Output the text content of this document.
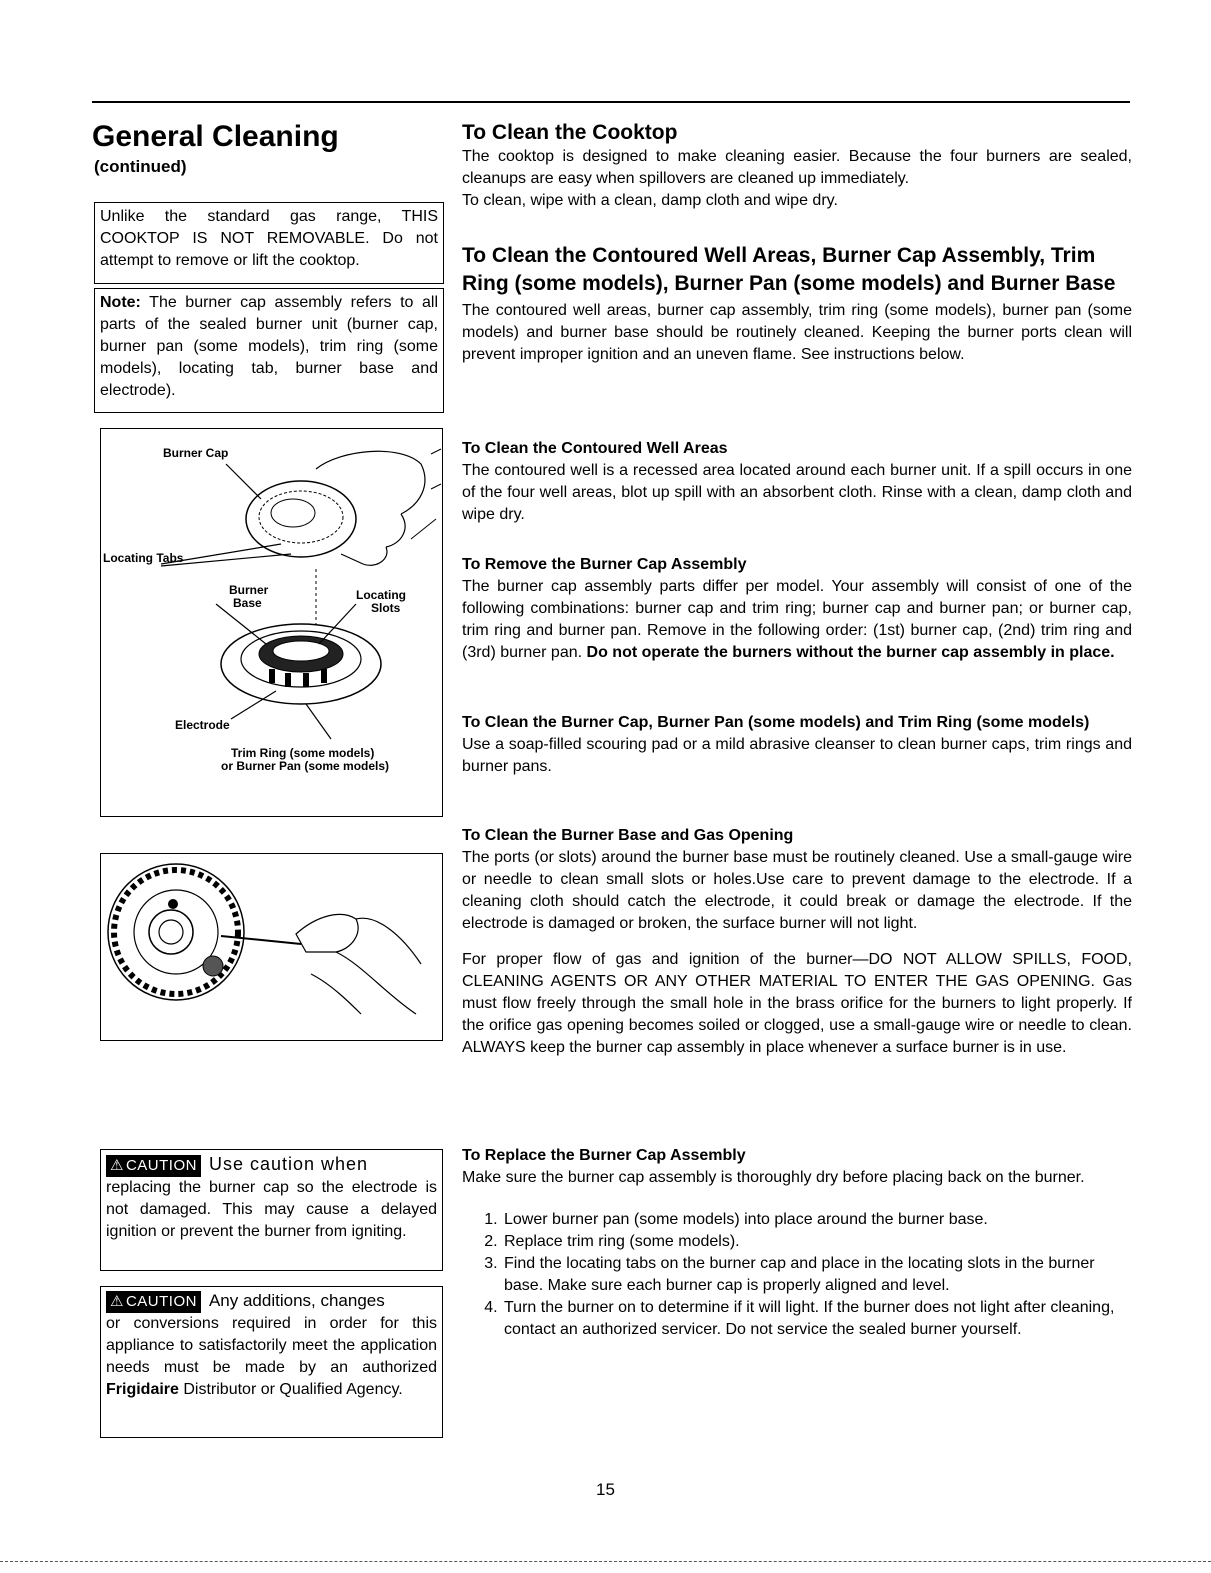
General Cleaning
(continued)
Unlike the standard gas range, THIS COOKTOP IS NOT REMOVABLE. Do not attempt to remove or lift the cooktop.
Note: The burner cap assembly refers to all parts of the sealed burner unit (burner cap, burner pan (some models), trim ring (some models), locating tab, burner base and electrode).
Burner Cap
Locating Tabs
Burner
Base
Locating
Slots
Electrode
Trim Ring (some models)
or Burner Pan (some models)
⚠ CAUTION Use caution when
replacing the burner cap so the electrode is not damaged. This may cause a delayed ignition or prevent the burner from igniting.
⚠ CAUTION Any additions, changes
or conversions required in order for this appliance to satisfactorily meet the application needs must be made by an authorized Frigidaire Distributor or Qualified Agency.
To Clean the Cooktop

The cooktop is designed to make cleaning easier. Because the four burners are sealed, cleanups are easy when spillovers are cleaned up immediately.

To clean, wipe with a clean, damp cloth and wipe dry.

To Clean the Contoured Well Areas, Burner Cap Assembly, Trim Ring (some models), Burner Pan (some models) and Burner Base

The contoured well areas, burner cap assembly, trim ring (some models), burner pan (some models) and burner base should be routinely cleaned. Keeping the burner ports clean will prevent improper ignition and an uneven flame. See instructions below.

To Clean the Contoured Well Areas

The contoured well is a recessed area located around each burner unit. If a spill occurs in one of the four well areas, blot up spill with an absorbent cloth. Rinse with a clean, damp cloth and wipe dry.

To Remove the Burner Cap Assembly

The burner cap assembly parts differ per model. Your assembly will consist of one of the following combinations: burner cap and trim ring; burner cap and burner pan; or burner cap, trim ring and burner pan. Remove in the following order: (1st) burner cap, (2nd) trim ring and (3rd) burner pan. Do not operate the burners without the burner cap assembly in place.

To Clean the Burner Cap, Burner Pan (some models) and Trim Ring (some models)

Use a soap-filled scouring pad or a mild abrasive cleanser to clean burner caps, trim rings and burner pans.

To Clean the Burner Base and Gas Opening

The ports (or slots) around the burner base must be routinely cleaned. Use a small-gauge wire or needle to clean small slots or holes.Use care to prevent damage to the electrode. If a cleaning cloth should catch the electrode, it could break or damage the electrode. If the electrode is damaged or broken, the surface burner will not light.

For proper flow of gas and ignition of the burner—DO NOT ALLOW SPILLS, FOOD, CLEANING AGENTS OR ANY OTHER MATERIAL TO ENTER THE GAS OPENING. Gas must flow freely through the small hole in the brass orifice for the burners to light properly. If the orifice gas opening becomes soiled or clogged, use a small-gauge wire or needle to clean. ALWAYS keep the burner cap assembly in place whenever a surface burner is in use.

To Replace the Burner Cap Assembly

Make sure the burner cap assembly is thoroughly dry before placing back on the burner.

1. Lower burner pan (some models) into place around the burner base.
2. Replace trim ring (some models).
3. Find the locating tabs on the burner cap and place in the locating slots in the burner base. Make sure each burner cap is properly aligned and level.
4. Turn the burner on to determine if it will light. If the burner does not light after cleaning, contact an authorized servicer. Do not service the sealed burner yourself.
15
